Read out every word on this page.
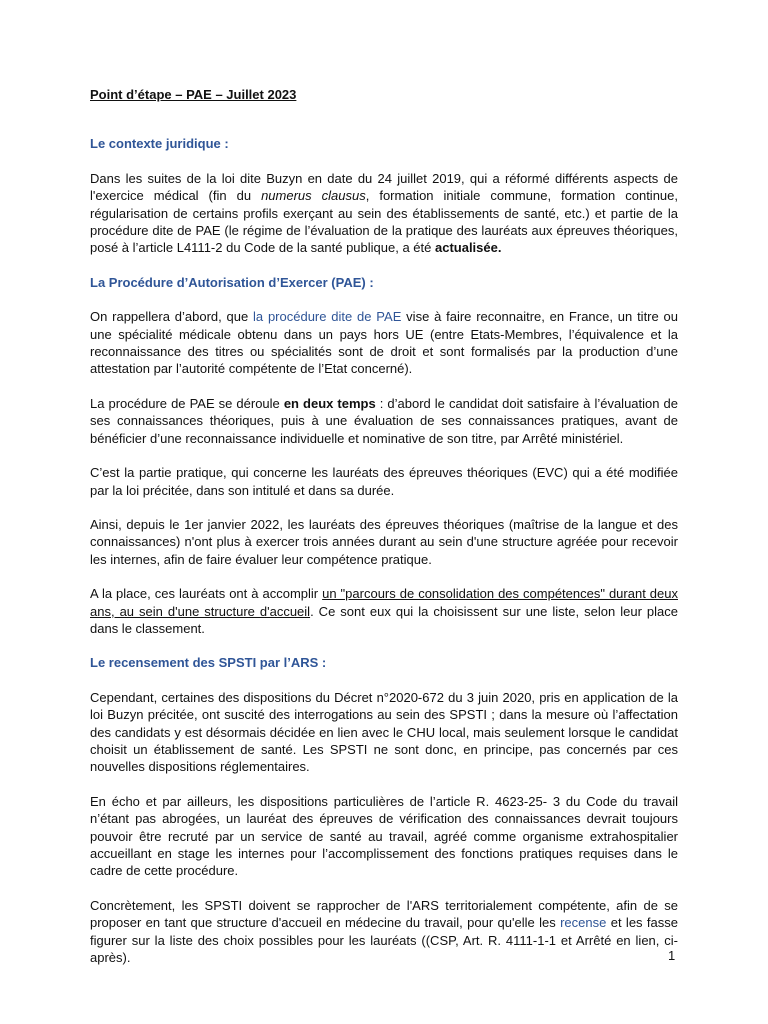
Point d’étape – PAE – Juillet 2023

Le contexte juridique :

Dans les suites de la loi dite Buzyn en date du 24 juillet 2019, qui a réformé différents aspects de l'exercice médical (fin du numerus clausus, formation initiale commune, formation continue, régularisation de certains profils exerçant au sein des établissements de santé, etc.) et partie de la procédure dite de PAE (le régime de l’évaluation de la pratique des lauréats aux épreuves théoriques, posé à l’article L4111-2 du Code de la santé publique, a été actualisée.

La Procédure d’Autorisation d’Exercer (PAE) :

On rappellera d’abord, que la procédure dite de PAE vise à faire reconnaitre, en France, un titre ou une spécialité médicale obtenu dans un pays hors UE (entre Etats-Membres, l’équivalence et la reconnaissance des titres ou spécialités sont de droit et sont formalisés par la production d’une attestation par l’autorité compétente de l’Etat concerné).

La procédure de PAE se déroule en deux temps : d’abord le candidat doit satisfaire à l’évaluation de ses connaissances théoriques, puis à une évaluation de ses connaissances pratiques, avant de bénéficier d’une reconnaissance individuelle et nominative de son titre, par Arrêté ministériel.

C’est la partie pratique, qui concerne les lauréats des épreuves théoriques (EVC) qui a été modifiée par la loi précitée, dans son intitulé et dans sa durée.

Ainsi, depuis le 1er janvier 2022, les lauréats des épreuves théoriques (maîtrise de la langue et des connaissances) n'ont plus à exercer trois années durant au sein d'une structure agréée pour recevoir les internes, afin de faire évaluer leur compétence pratique.

A la place, ces lauréats ont à accomplir un "parcours de consolidation des compétences" durant deux ans, au sein d'une structure d'accueil. Ce sont eux qui la choisissent sur une liste, selon leur place dans le classement.

Le recensement des SPSTI par l’ARS :

Cependant, certaines des dispositions du Décret n°2020-672 du 3 juin 2020, pris en application de la loi Buzyn précitée, ont suscité des interrogations au sein des SPSTI ; dans la mesure où l’affectation des candidats y est désormais décidée en lien avec le CHU local, mais seulement lorsque le candidat choisit un établissement de santé. Les SPSTI ne sont donc, en principe, pas concernés par ces nouvelles dispositions réglementaires.

En écho et par ailleurs, les dispositions particulières de l’article R. 4623-25- 3 du Code du travail n’étant pas abrogées, un lauréat des épreuves de vérification des connaissances devrait toujours pouvoir être recruté par un service de santé au travail, agréé comme organisme extrahospitalier accueillant en stage les internes pour l’accomplissement des fonctions pratiques requises dans le cadre de cette procédure.

Concrètement, les SPSTI doivent se rapprocher de l'ARS territorialement compétente, afin de se proposer en tant que structure d'accueil en médecine du travail, pour qu'elle les recense et les fasse figurer sur la liste des choix possibles pour les lauréats ((CSP, Art. R. 4111-1-1 et Arrêté en lien, ci-après).	1
